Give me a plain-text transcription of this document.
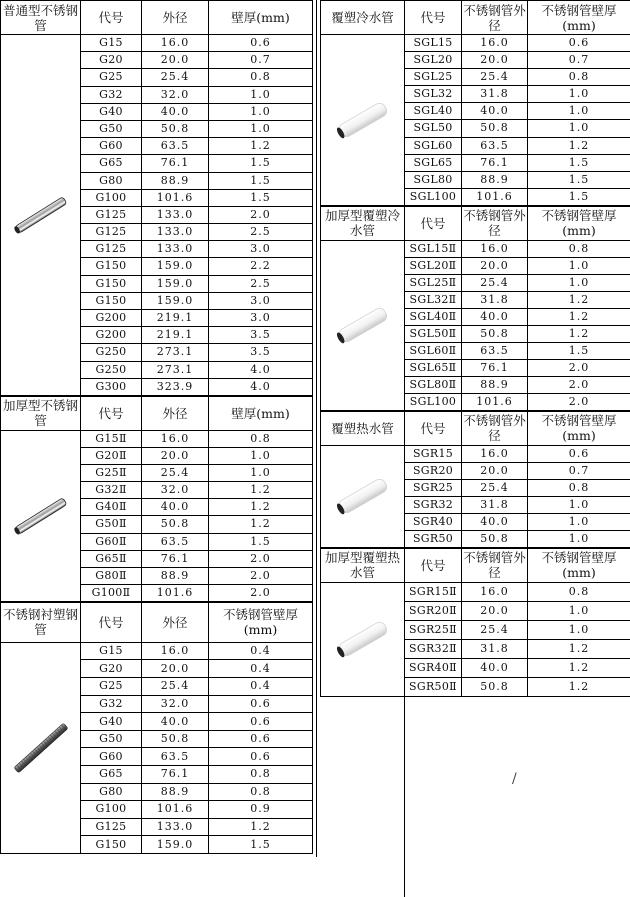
普通型不锈钢管	代号	外径	壁厚(mm)

	G15	16.0	0.6
	G20	20.0	0.7
	G25	25.4	0.8
	G32	32.0	1.0
	G40	40.0	1.0
	G50	50.8	1.0
	G60	63.5	1.2
	G65	76.1	1.5
	G80	88.9	1.5
	G100	101.6	1.5
	G125	133.0	2.0
	G125	133.0	2.5
	G125	133.0	3.0
	G150	159.0	2.2
	G150	159.0	2.5
	G150	159.0	3.0
	G200	219.1	3.0
	G200	219.1	3.5
	G250	273.1	3.5
	G250	273.1	4.0
	G300	323.9	4.0
加厚型不锈钢管	代号	外径	壁厚(mm)

	G15Ⅱ	16.0	0.8
	G20Ⅱ	20.0	1.0
	G25Ⅱ	25.4	1.0
	G32Ⅱ	32.0	1.2
	G40Ⅱ	40.0	1.2
	G50Ⅱ	50.8	1.2
	G60Ⅱ	63.5	1.5
	G65Ⅱ	76.1	2.0
	G80Ⅱ	88.9	2.0
	G100Ⅱ	101.6	2.0
不锈钢衬塑钢管	代号	外径	不锈钢管壁厚(mm)

	G15	16.0	0.4
	G20	20.0	0.4
	G25	25.4	0.4
	G32	32.0	0.6
	G40	40.0	0.6
	G50	50.8	0.6
	G60	63.5	0.6
	G65	76.1	0.8
	G80	88.9	0.8
	G100	101.6	0.9
	G125	133.0	1.2
	G150	159.0	1.5
覆塑冷水管	代号	不锈钢管外径	不锈钢管壁厚(mm)

	SGL15	16.0	0.6
	SGL20	20.0	0.7
	SGL25	25.4	0.8
	SGL32	31.8	1.0
	SGL40	40.0	1.0
	SGL50	50.8	1.0
	SGL60	63.5	1.2
	SGL65	76.1	1.5
	SGL80	88.9	1.5
	SGL100	101.6	1.5
加厚型覆塑冷水管	代号	不锈钢管外径	不锈钢管壁厚(mm)

	SGL15Ⅱ	16.0	0.8
	SGL20Ⅱ	20.0	1.0
	SGL25Ⅱ	25.4	1.0
	SGL32Ⅱ	31.8	1.2
	SGL40Ⅱ	40.0	1.2
	SGL50Ⅱ	50.8	1.2
	SGL60Ⅱ	63.5	1.5
	SGL65Ⅱ	76.1	2.0
	SGL80Ⅱ	88.9	2.0
	SGL100	101.6	2.0
覆塑热水管	代号	不锈钢管外径	不锈钢管壁厚(mm)

	SGR15	16.0	0.6
	SGR20	20.0	0.7
	SGR25	25.4	0.8
	SGR32	31.8	1.0
	SGR40	40.0	1.0
	SGR50	50.8	1.0
加厚型覆塑热水管	代号	不锈钢管外径	不锈钢管壁厚(mm)

	SGR15Ⅱ	16.0	0.8
	SGR20Ⅱ	20.0	1.0
	SGR25Ⅱ	25.4	1.0
	SGR32Ⅱ	31.8	1.2
	SGR40Ⅱ	40.0	1.2
	SGR50Ⅱ	50.8	1.2
/
